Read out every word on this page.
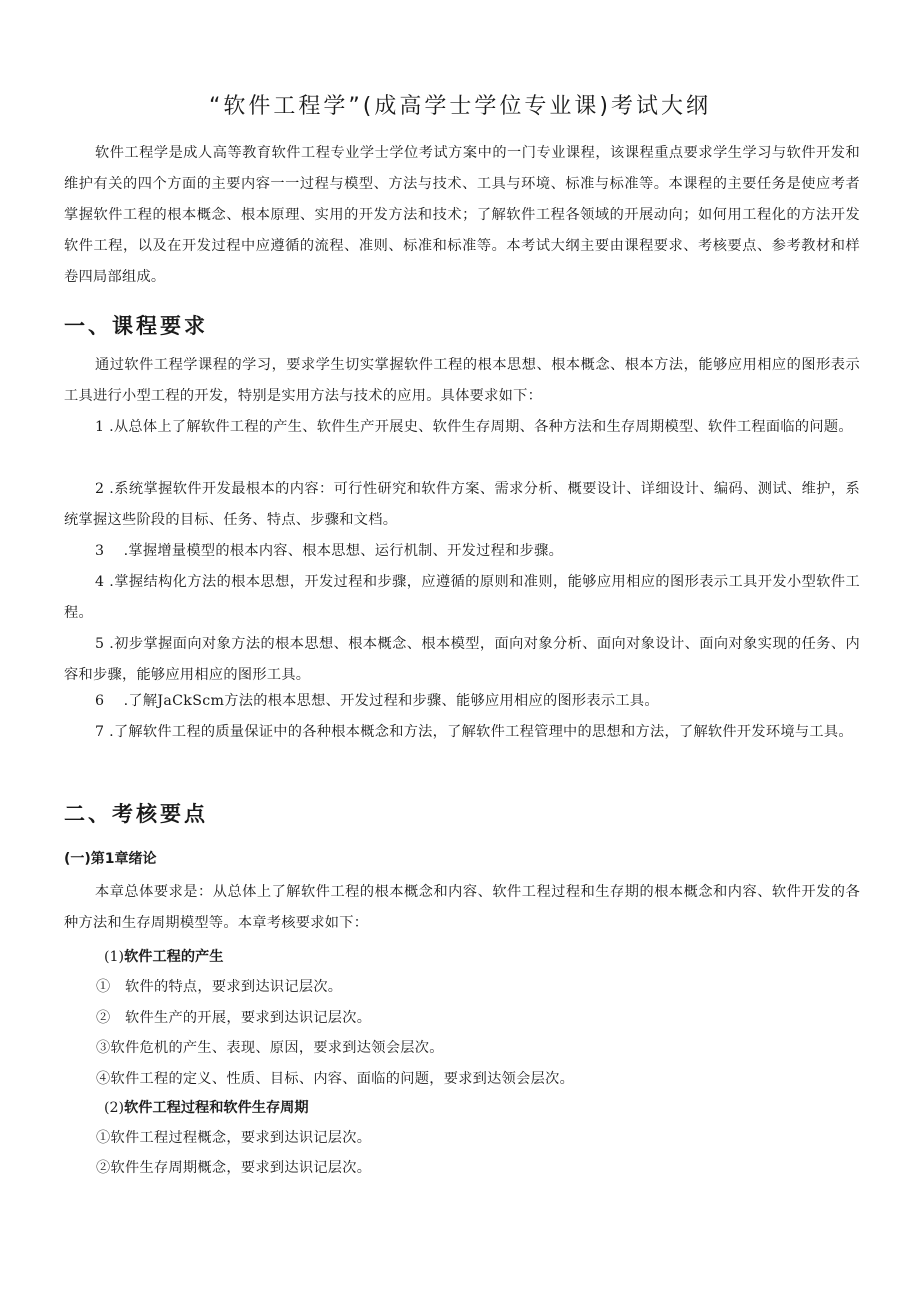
“软件工程学”(成高学士学位专业课)考试大纲

软件工程学是成人高等教育软件工程专业学士学位考试方案中的一门专业课程，该课程重点要求学生学习与软件开发和维护有关的四个方面的主要内容一一过程与模型、方法与技术、工具与环境、标准与标准等。本课程的主要任务是使应考者掌握软件工程的根本概念、根本原理、实用的开发方法和技术；了解软件工程各领域的开展动向；如何用工程化的方法开发软件工程，以及在开发过程中应遵循的流程、准则、标准和标准等。本考试大纲主要由课程要求、考核要点、参考教材和样卷四局部组成。

一、课程要求

通过软件工程学课程的学习，要求学生切实掌握软件工程的根本思想、根本概念、根本方法，能够应用相应的图形表示工具进行小型工程的开发，特别是实用方法与技术的应用。具体要求如下：

1 .从总体上了解软件工程的产生、软件生产开展史、软件生存周期、各种方法和生存周期模型、软件工程面临的问题。

2 .系统掌握软件开发最根本的内容：可行性研究和软件方案、需求分析、概要设计、详细设计、编码、测试、维护，系统掌握这些阶段的目标、任务、特点、步骤和文档。

3　 .掌握增量模型的根本内容、根本思想、运行机制、开发过程和步骤。

4 .掌握结构化方法的根本思想，开发过程和步骤，应遵循的原则和准则，能够应用相应的图形表示工具开发小型软件工程。

5 .初步掌握面向对象方法的根本思想、根本概念、根本模型，面向对象分析、面向对象设计、面向对象实现的任务、内容和步骤，能够应用相应的图形工具。

6　 .了解JaCkScm方法的根本思想、开发过程和步骤、能够应用相应的图形表示工具。

7 .了解软件工程的质量保证中的各种根本概念和方法，了解软件工程管理中的思想和方法，了解软件开发环境与工具。

二、考核要点
(一)第1章绪论

本章总体要求是：从总体上了解软件工程的根本概念和内容、软件工程过程和生存期的根本概念和内容、软件开发的各种方法和生存周期模型等。本章考核要求如下：

(1)软件工程的产生

①　软件的特点，要求到达识记层次。

②　软件生产的开展，要求到达识记层次。

③软件危机的产生、表现、原因，要求到达领会层次。

④软件工程的定义、性质、目标、内容、面临的问题，要求到达领会层次。

(2)软件工程过程和软件生存周期

①软件工程过程概念，要求到达识记层次。

②软件生存周期概念，要求到达识记层次。
